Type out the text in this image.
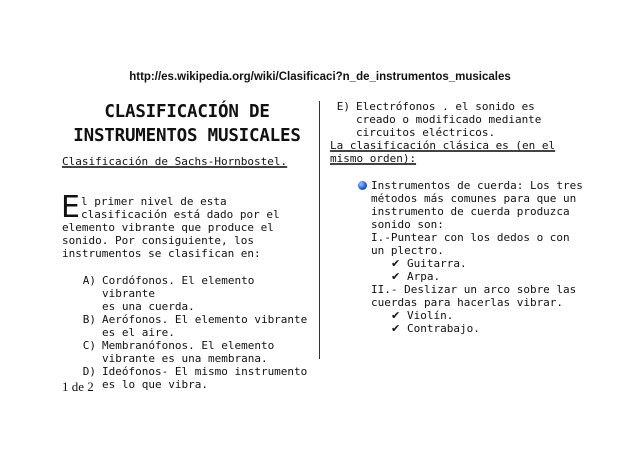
http://es.wikipedia.org/wiki/Clasificaci?n_de_instrumentos_musicales
CLASIFICACIÓN DE
INSTRUMENTOS MUSICALES
Clasificación de Sachs-Hornbostel.

El primer nivel de esta
clasificación está dado por el
elemento vibrante que produce el
sonido. Por consiguiente, los
instrumentos se clasifican en:

A) Cordófonos. El elemento vibrante
es una cuerda.
B) Aerófonos. El elemento vibrante
es el aire.
C) Membranófonos. El elemento
vibrante es una membrana.
D) Ideófonos- El mismo instrumento
es lo que vibra.
E) Electrófonos . el sonido es
creado o modificado mediante
circuitos eléctricos.
La clasificación clásica es (en el
mismo orden):
Instrumentos de cuerda: Los tres
métodos más comunes para que un
instrumento de cuerda produzca
sonido son:
I.-Puntear con los dedos o con
un plectro.
✔ Guitarra.
✔ Arpa.
II.- Deslizar un arco sobre las
cuerdas para hacerlas vibrar.
✔ Violín.
✔ Contrabajo.
1 de 2
